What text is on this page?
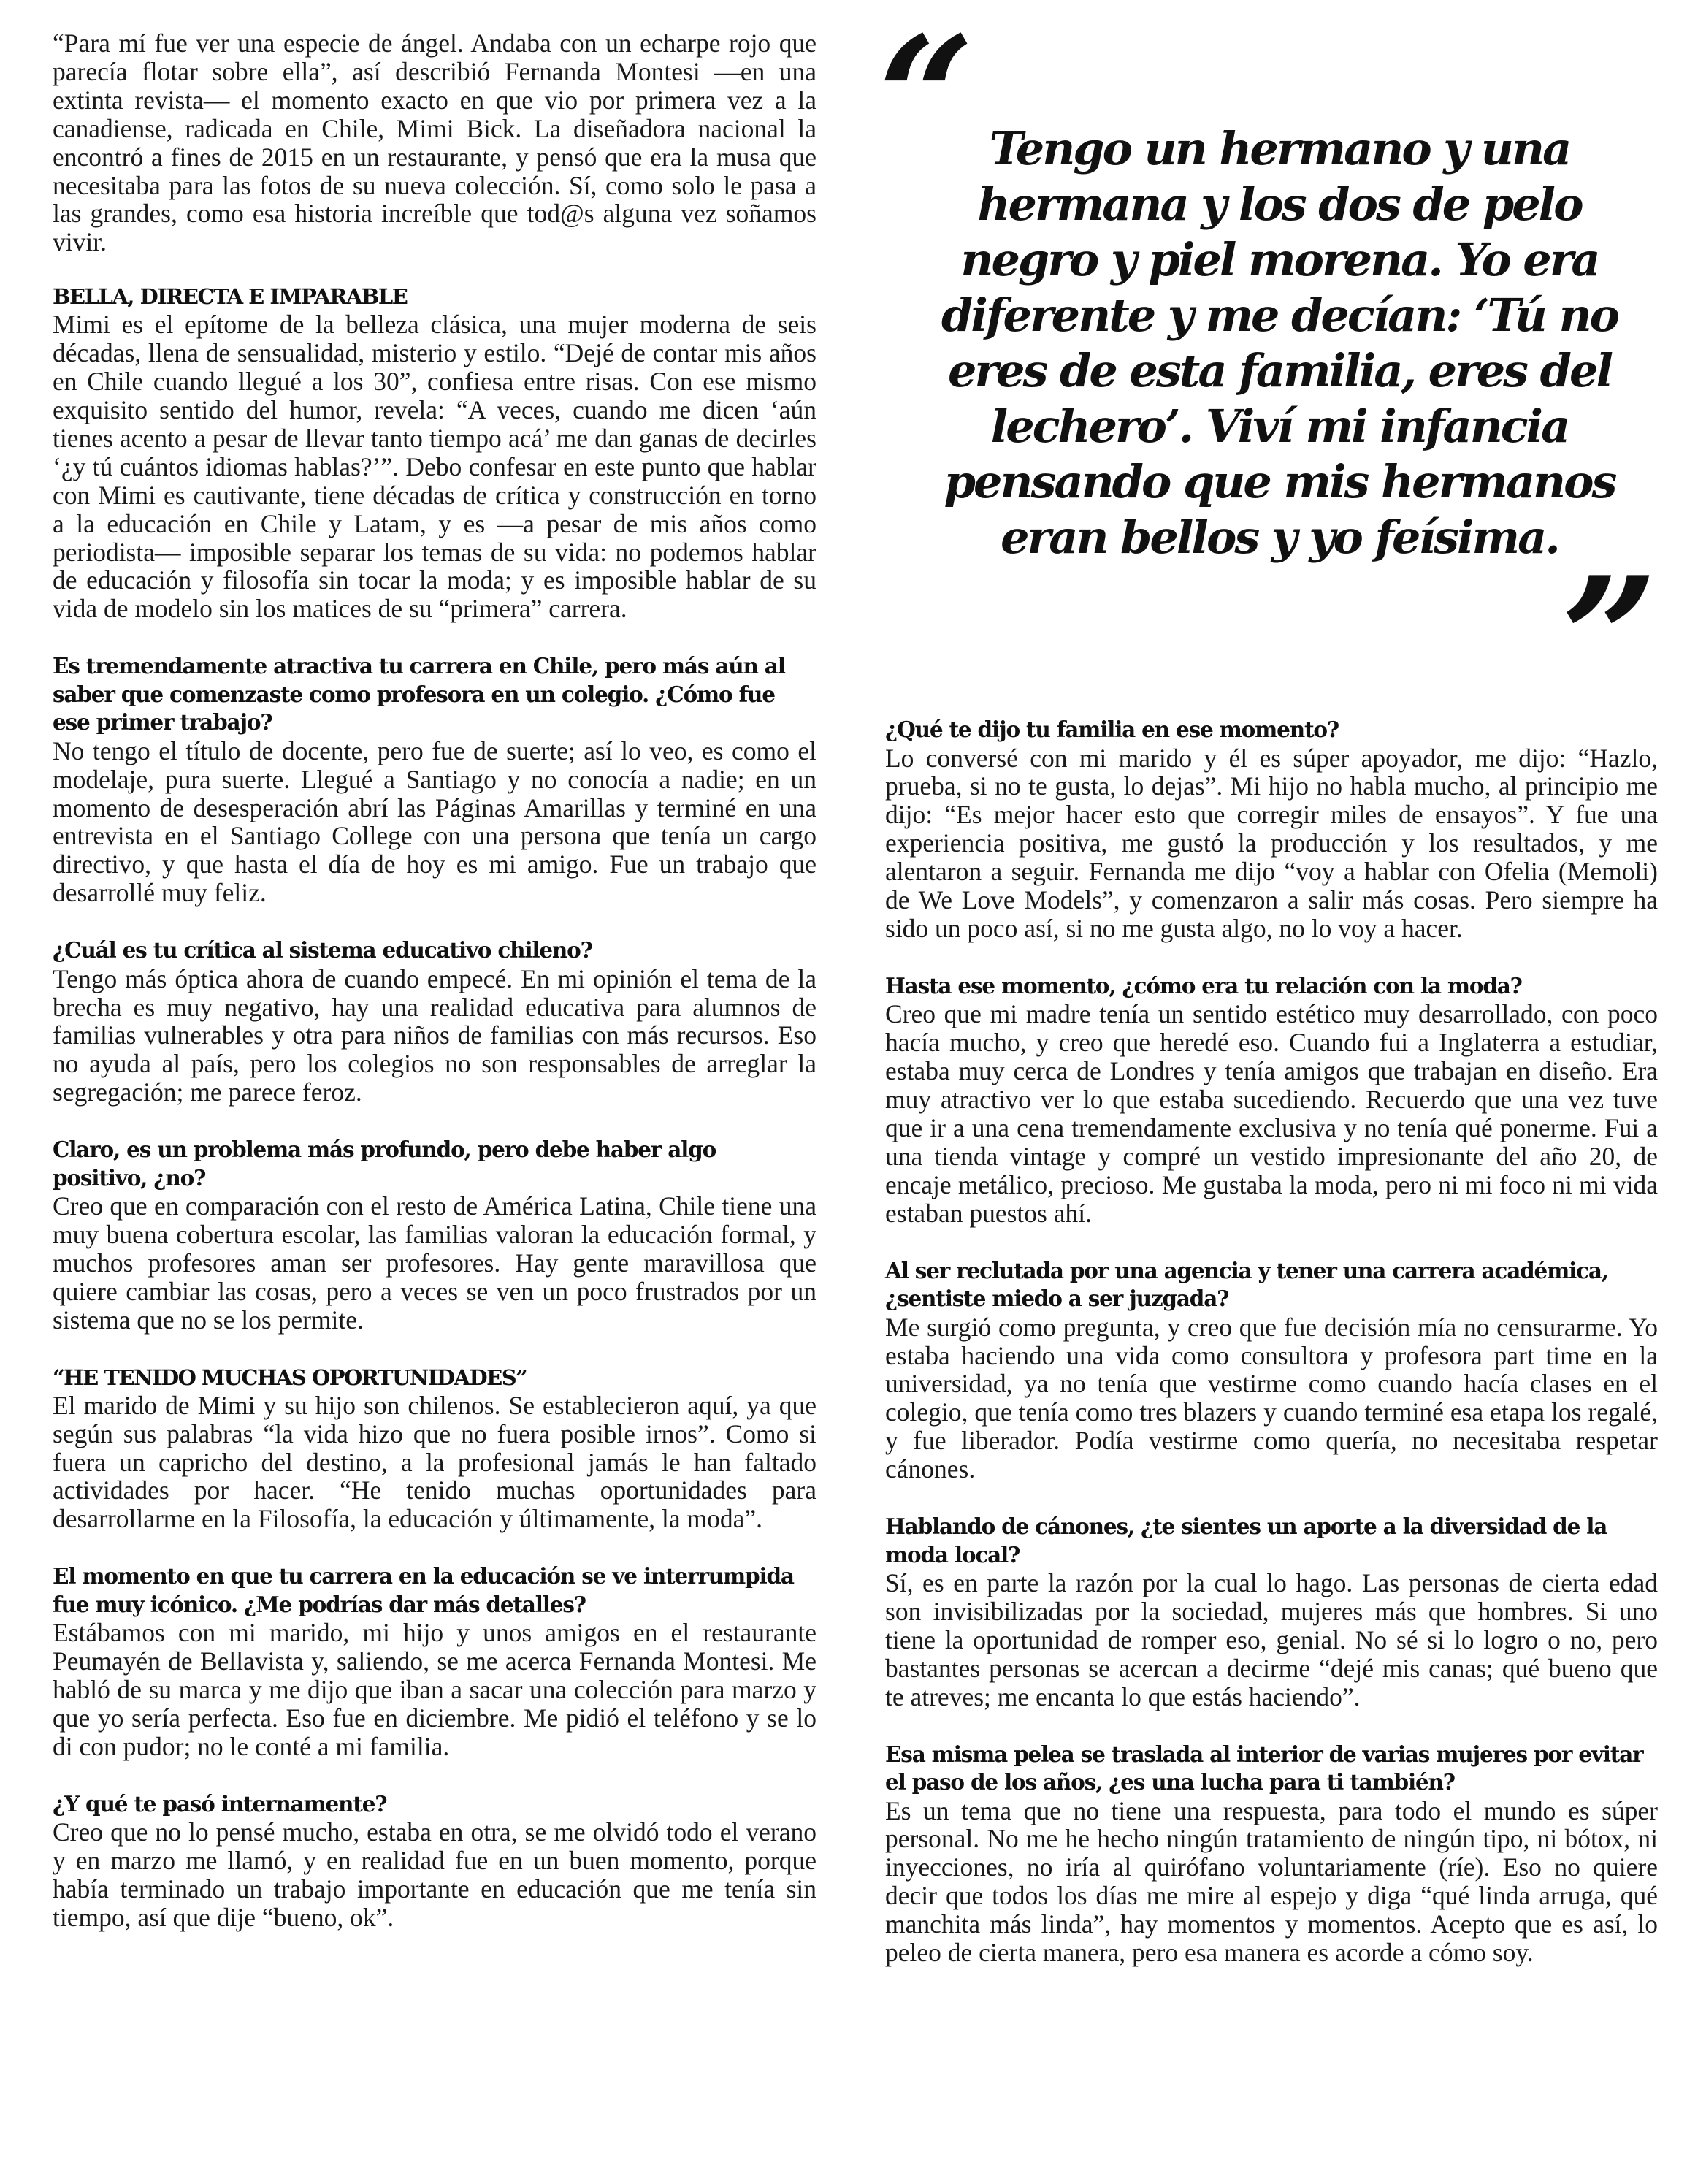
“Para mí fue ver una especie de ángel. Andaba con un echarpe rojo que parecía flotar sobre ella”, así describió Fernanda Montesi —en una extinta revista— el momento exacto en que vio por primera vez a la canadiense, radicada en Chile, Mimi Bick. La diseñadora nacional la encontró a fines de 2015 en un restaurante, y pensó que era la musa que necesitaba para las fotos de su nueva colección. Sí, como solo le pasa a las grandes, como esa historia increíble que tod@s alguna vez soñamos vivir.

BELLA, DIRECTA E IMPARABLE

Mimi es el epítome de la belleza clásica, una mujer moderna de seis décadas, llena de sensualidad, misterio y estilo. “Dejé de contar mis años en Chile cuando llegué a los 30”, confiesa entre risas. Con ese mismo exquisito sentido del humor, revela: “A veces, cuando me dicen ‘aún tienes acento a pesar de llevar tanto tiempo acá’ me dan ganas de decirles ‘¿y tú cuántos idiomas hablas?’”. Debo confesar en este punto que hablar con Mimi es cautivante, tiene décadas de crítica y construcción en torno a la educación en Chile y Latam, y es —a pesar de mis años como periodista— imposible separar los temas de su vida: no podemos hablar de educación y filosofía sin tocar la moda; y es imposible hablar de su vida de modelo sin los matices de su “primera” carrera.

Es tremendamente atractiva tu carrera en Chile, pero más aún al saber que comenzaste como profesora en un colegio. ¿Cómo fue ese primer trabajo?

No tengo el título de docente, pero fue de suerte; así lo veo, es como el modelaje, pura suerte. Llegué a Santiago y no conocía a nadie; en un momento de desesperación abrí las Páginas Amarillas y terminé en una entrevista en el Santiago College con una persona que tenía un cargo directivo, y que hasta el día de hoy es mi amigo. Fue un trabajo que desarrollé muy feliz.

¿Cuál es tu crítica al sistema educativo chileno?

Tengo más óptica ahora de cuando empecé. En mi opinión el tema de la brecha es muy negativo, hay una realidad educativa para alumnos de familias vulnerables y otra para niños de familias con más recursos. Eso no ayuda al país, pero los colegios no son responsables de arreglar la segregación; me parece feroz.

Claro, es un problema más profundo, pero debe haber algo positivo, ¿no?

Creo que en comparación con el resto de América Latina, Chile tiene una muy buena cobertura escolar, las familias valoran la educación formal, y muchos profesores aman ser profesores. Hay gente maravillosa que quiere cambiar las cosas, pero a veces se ven un poco frustrados por un sistema que no se los permite.

“HE TENIDO MUCHAS OPORTUNIDADES”

El marido de Mimi y su hijo son chilenos. Se establecieron aquí, ya que según sus palabras “la vida hizo que no fuera posible irnos”. Como si fuera un capricho del destino, a la profesional jamás le han faltado actividades por hacer. “He tenido muchas oportunidades para desarrollarme en la Filosofía, la educación y últimamente, la moda”.

El momento en que tu carrera en la educación se ve interrumpida fue muy icónico. ¿Me podrías dar más detalles?

Estábamos con mi marido, mi hijo y unos amigos en el restaurante Peumayén de Bellavista y, saliendo, se me acerca Fernanda Montesi. Me habló de su marca y me dijo que iban a sacar una colección para marzo y que yo sería perfecta. Eso fue en diciembre. Me pidió el teléfono y se lo di con pudor; no le conté a mi familia.

¿Y qué te pasó internamente?

Creo que no lo pensé mucho, estaba en otra, se me olvidó todo el verano y en marzo me llamó, y en realidad fue en un buen momento, porque había terminado un trabajo importante en educación que me tenía sin tiempo, así que dije “bueno, ok”.

“ Tengo un hermano y una hermana y los dos de pelo negro y piel morena. Yo era diferente y me decían: ‘Tú no eres de esta familia, eres del lechero’. Viví mi infancia pensando que mis hermanos eran bellos y yo feísima.

”

¿Qué te dijo tu familia en ese momento?

Lo conversé con mi marido y él es súper apoyador, me dijo: “Hazlo, prueba, si no te gusta, lo dejas”. Mi hijo no habla mucho, al principio me dijo: “Es mejor hacer esto que corregir miles de ensayos”. Y fue una experiencia positiva, me gustó la producción y los resultados, y me alentaron a seguir. Fernanda me dijo “voy a hablar con Ofelia (Memoli) de We Love Models”, y comenzaron a salir más cosas. Pero siempre ha sido un poco así, si no me gusta algo, no lo voy a hacer.

Hasta ese momento, ¿cómo era tu relación con la moda?

Creo que mi madre tenía un sentido estético muy desarrollado, con poco hacía mucho, y creo que heredé eso. Cuando fui a Inglaterra a estudiar, estaba muy cerca de Londres y tenía amigos que trabajan en diseño. Era muy atractivo ver lo que estaba sucediendo. Recuerdo que una vez tuve que ir a una cena tremendamente exclusiva y no tenía qué ponerme. Fui a una tienda vintage y compré un vestido impresionante del año 20, de encaje metálico, precioso. Me gustaba la moda, pero ni mi foco ni mi vida estaban puestos ahí.

Al ser reclutada por una agencia y tener una carrera académica, ¿sentiste miedo a ser juzgada?

Me surgió como pregunta, y creo que fue decisión mía no censurarme. Yo estaba haciendo una vida como consultora y profesora part time en la universidad, ya no tenía que vestirme como cuando hacía clases en el colegio, que tenía como tres blazers y cuando terminé esa etapa los regalé, y fue liberador. Podía vestirme como quería, no necesitaba respetar cánones.

Hablando de cánones, ¿te sientes un aporte a la diversidad de la moda local?

Sí, es en parte la razón por la cual lo hago. Las personas de cierta edad son invisibilizadas por la sociedad, mujeres más que hombres. Si uno tiene la oportunidad de romper eso, genial. No sé si lo logro o no, pero bastantes personas se acercan a decirme “dejé mis canas; qué bueno que te atreves; me encanta lo que estás haciendo”.

Esa misma pelea se traslada al interior de varias mujeres por evitar el paso de los años, ¿es una lucha para ti también?

Es un tema que no tiene una respuesta, para todo el mundo es súper personal. No me he hecho ningún tratamiento de ningún tipo, ni bótox, ni inyecciones, no iría al quirófano voluntariamente (ríe). Eso no quiere decir que todos los días me mire al espejo y diga “qué linda arruga, qué manchita más linda”, hay momentos y momentos. Acepto que es así, lo peleo de cierta manera, pero esa manera es acorde a cómo soy.
